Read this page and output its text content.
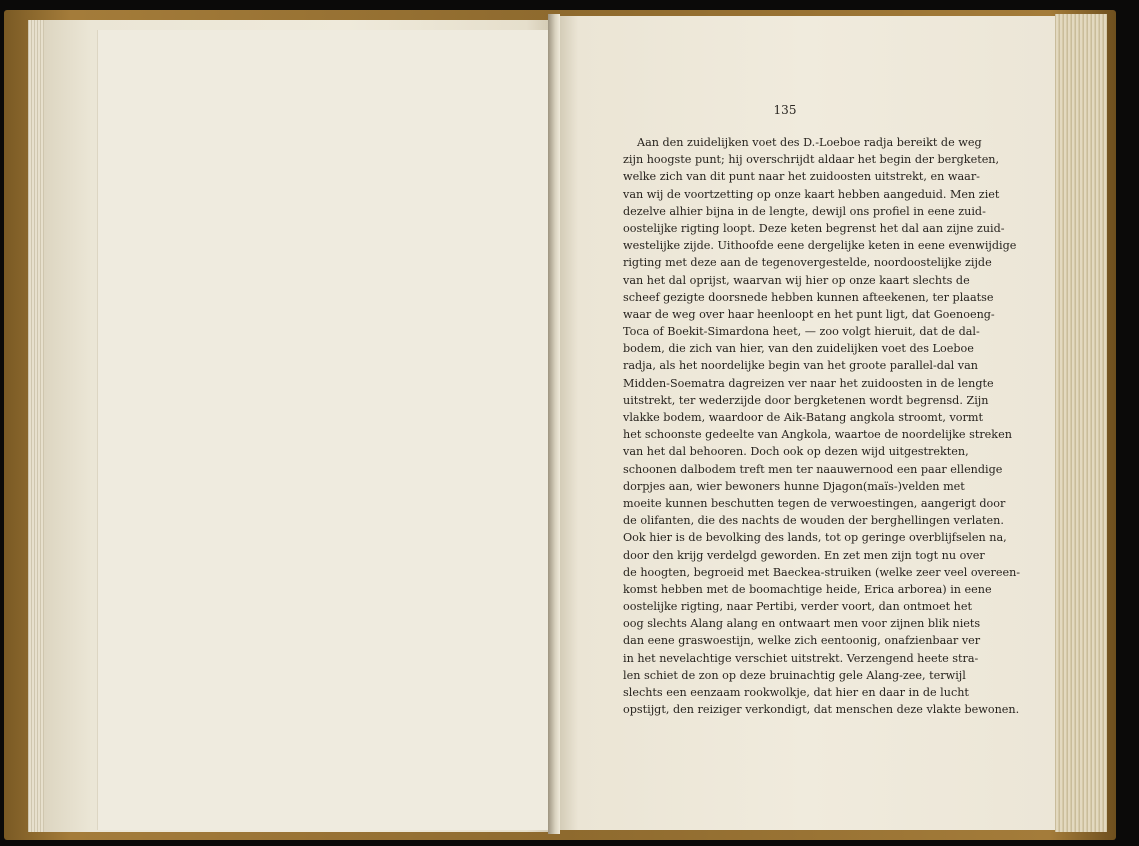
135
Aan den zuidelijken voet des D.-Loeboe radja bereikt de weg
zijn hoogste punt; hij overschrijdt aldaar het begin der bergketen,
welke zich van dit punt naar het zuidoosten uitstrekt, en waar-
van wij de voortzetting op onze kaart hebben aangeduid. Men ziet
dezelve alhier bijna in de lengte, dewijl ons profiel in eene zuid-
oostelijke rigting loopt. Deze keten begrenst het dal aan zijne zuid-
westelijke zijde. Uithoofde eene dergelijke keten in eene evenwijdige
rigting met deze aan de tegenovergestelde, noordoostelijke zijde
van het dal oprijst, waarvan wij hier op onze kaart slechts de
scheef gezigte doorsnede hebben kunnen afteekenen, ter plaatse
waar de weg over haar heenloopt en het punt ligt, dat Goenoeng-
Toca of Boekit-Simardona heet, — zoo volgt hieruit, dat de dal-
bodem, die zich van hier, van den zuidelijken voet des Loeboe
radja, als het noordelijke begin van het groote parallel-dal van
Midden-Soematra dagreizen ver naar het zuidoosten in de lengte
uitstrekt, ter wederzijde door bergketenen wordt begrensd. Zijn
vlakke bodem, waardoor de Aik-Batang angkola stroomt, vormt
het schoonste gedeelte van Angkola, waartoe de noordelijke streken
van het dal behooren. Doch ook op dezen wijd uitgestrekten,
schoonen dalbodem treft men ter naauwernood een paar ellendige
dorpjes aan, wier bewoners hunne Djagon(maïs-)velden met
moeite kunnen beschutten tegen de verwoestingen, aangerigt door
de olifanten, die des nachts de wouden der berghellingen verlaten.
Ook hier is de bevolking des lands, tot op geringe overblijfselen na,
door den krijg verdelgd geworden. En zet men zijn togt nu over
de hoogten, begroeid met Baeckea-struiken (welke zeer veel overeen-
komst hebben met de boomachtige heide, Erica arborea) in eene
oostelijke rigting, naar Pertibi, verder voort, dan ontmoet het
oog slechts Alang alang en ontwaart men voor zijnen blik niets
dan eene graswoestijn, welke zich eentoonig, onafzienbaar ver
in het nevelachtige verschiet uitstrekt. Verzengend heete stra-
len schiet de zon op deze bruinachtig gele Alang-zee, terwijl
slechts een eenzaam rookwolkje, dat hier en daar in de lucht
opstijgt, den reiziger verkondigt, dat menschen deze vlakte bewonen.
